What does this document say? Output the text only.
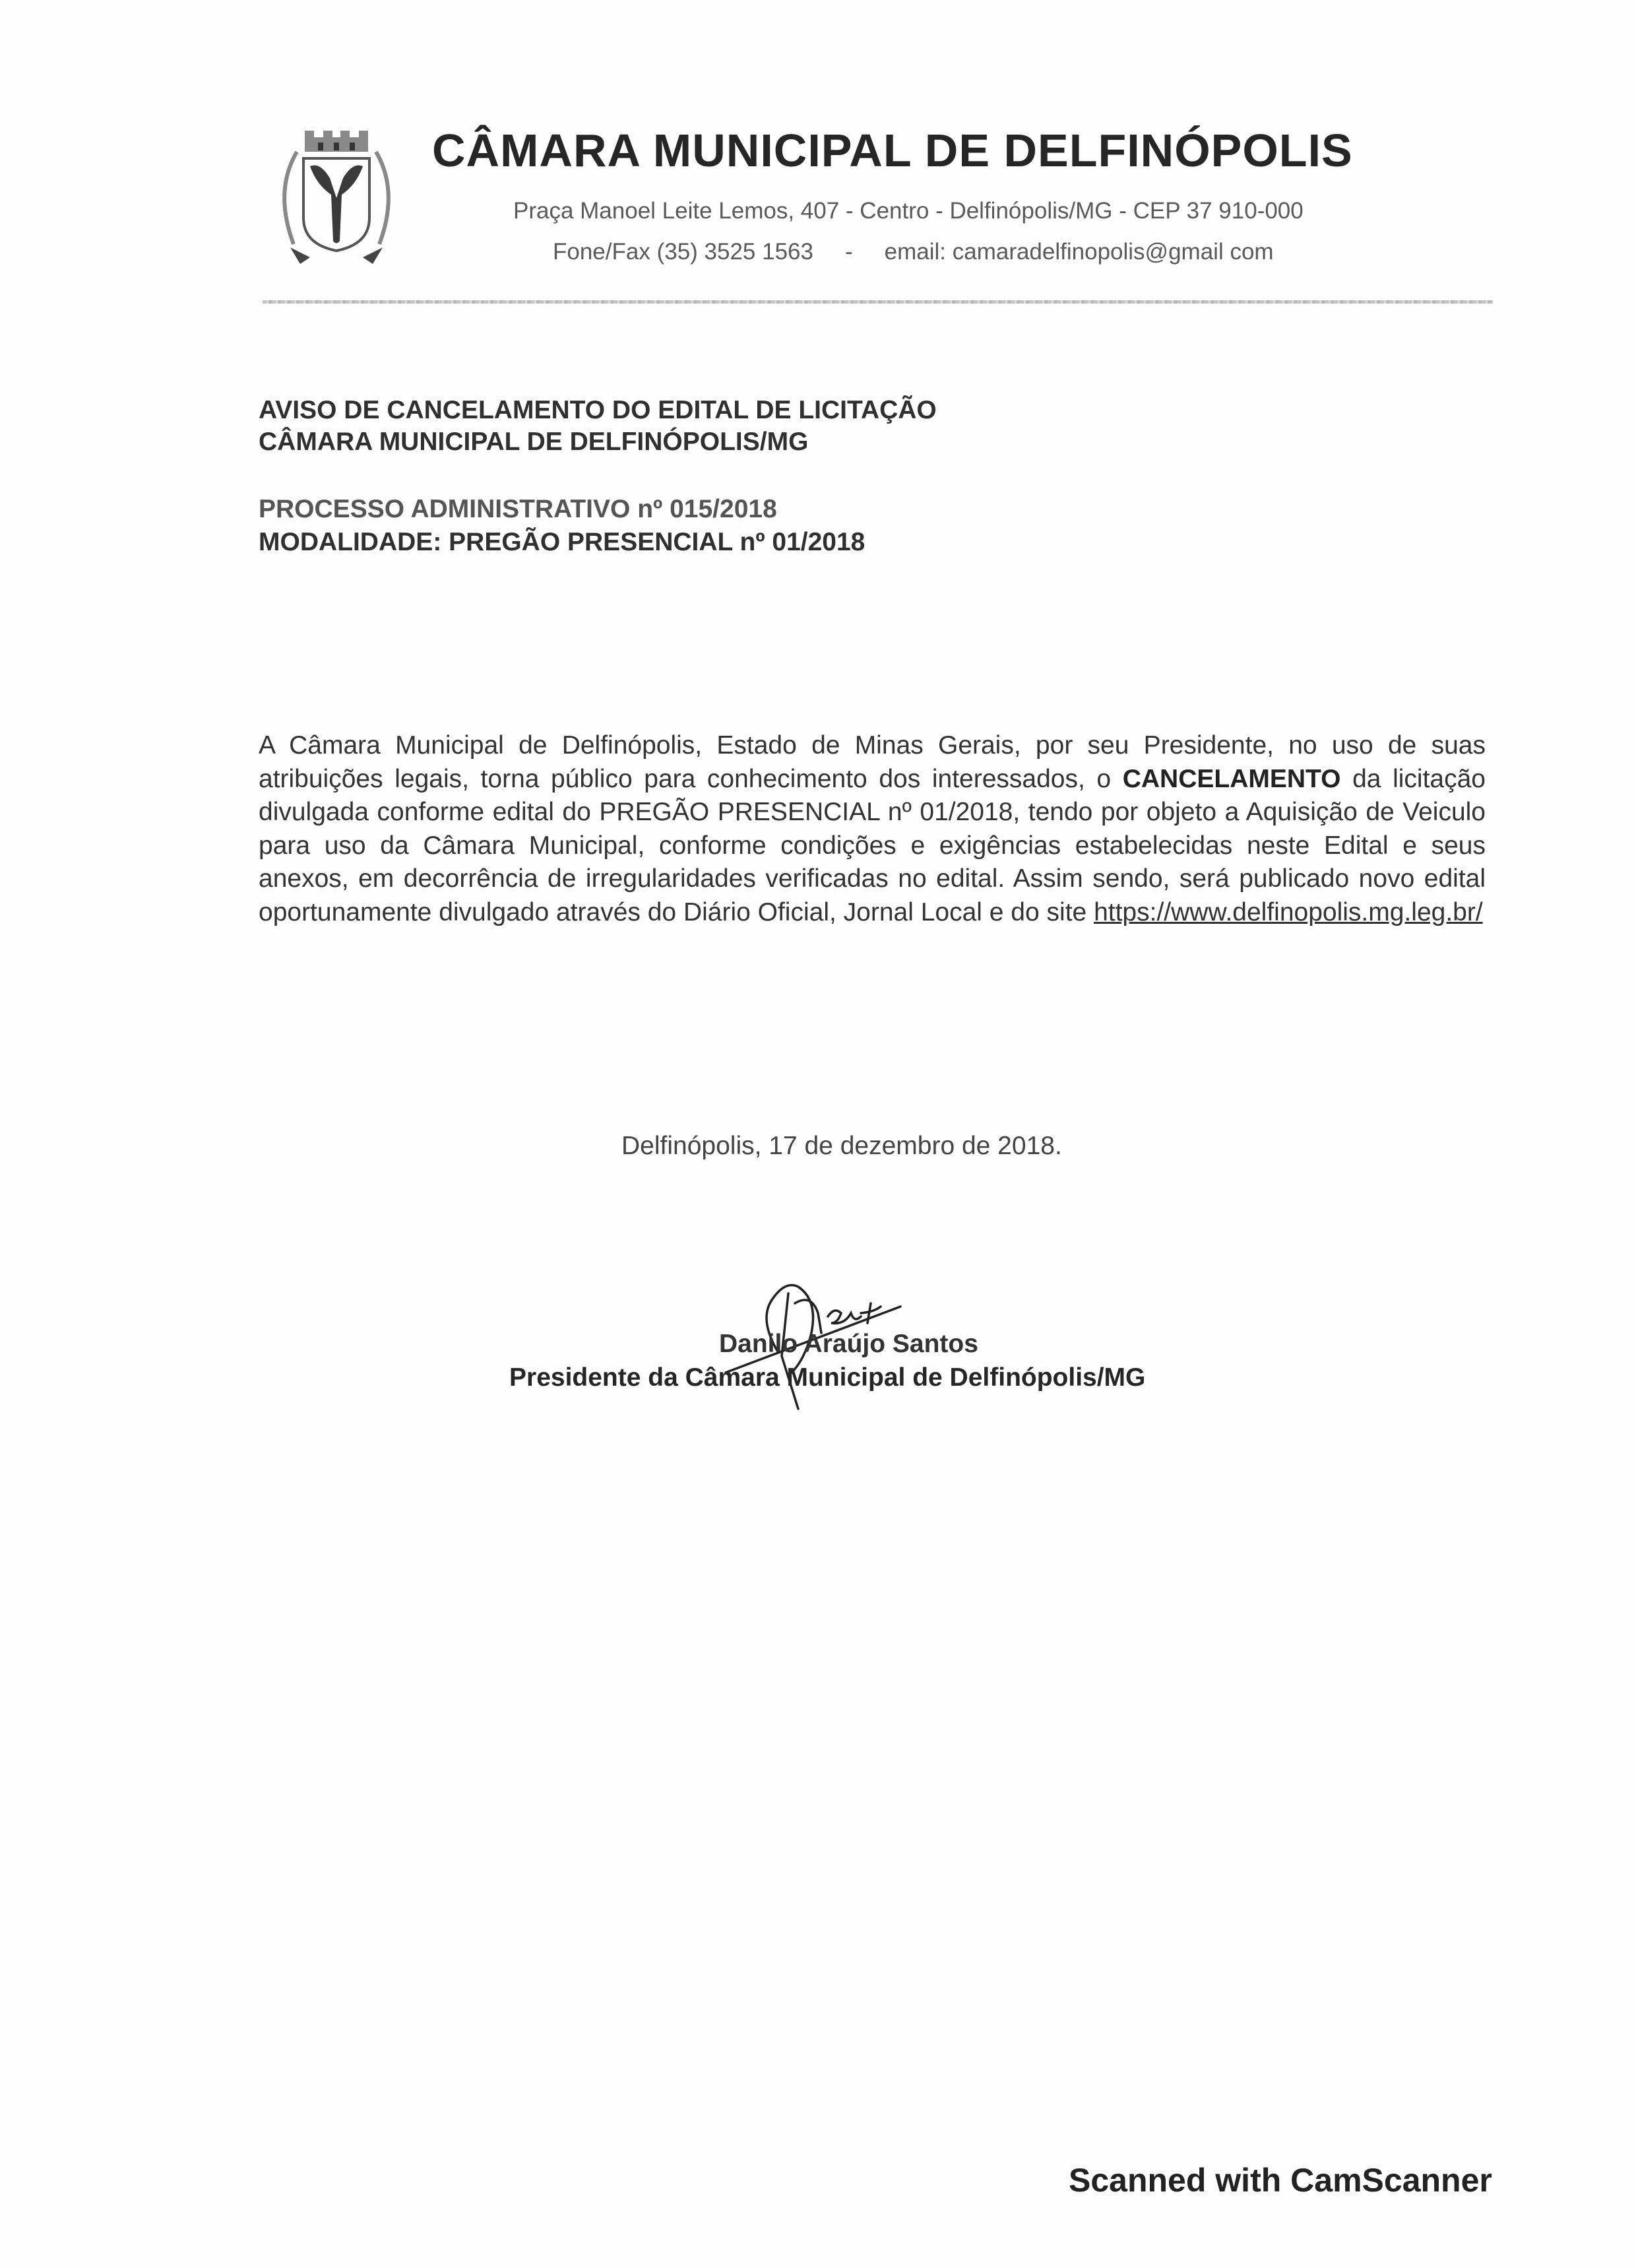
CÂMARA MUNICIPAL DE DELFINÓPOLIS
Praça Manoel Leite Lemos, 407 - Centro - Delfinópolis/MG - CEP 37 910-000
Fone/Fax (35) 3525 1563 - email: camaradelfinopolis@gmail com
AVISO DE CANCELAMENTO DO EDITAL DE LICITAÇÃO
CÂMARA MUNICIPAL DE DELFINÓPOLIS/MG
PROCESSO ADMINISTRATIVO nº 015/2018
MODALIDADE: PREGÃO PRESENCIAL nº 01/2018
A Câmara Municipal de Delfinópolis, Estado de Minas Gerais, por seu Presidente, no uso de suas atribuições legais, torna público para conhecimento dos interessados, o CANCELAMENTO da licitação divulgada conforme edital do PREGÃO PRESENCIAL nº 01/2018, tendo por objeto a Aquisição de Veiculo para uso da Câmara Municipal, conforme condições e exigências estabelecidas neste Edital e seus anexos, em decorrência de irregularidades verificadas no edital. Assim sendo, será publicado novo edital oportunamente divulgado através do Diário Oficial, Jornal Local e do site https://www.delfinopolis.mg.leg.br/
Delfinópolis, 17 de dezembro de 2018.
Danilo Araújo Santos
Presidente da Câmara Municipal de Delfinópolis/MG
Scanned with CamScanner
